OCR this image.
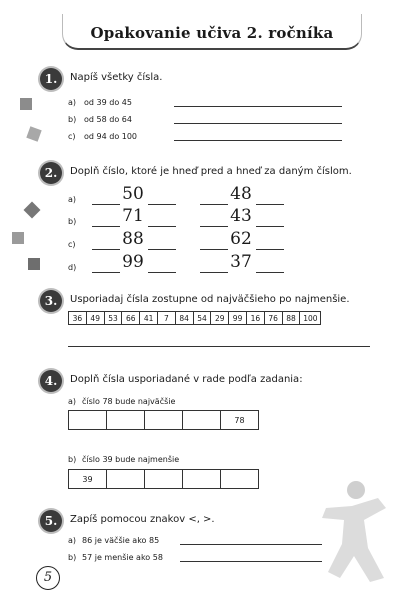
Opakovanie učiva 2. ročníka
1.	Napíš všetky čísla.
a) od 39 do 45
b) od 58 do 64
c) od 94 do 100
2.	Doplň číslo, ktoré je hneď pred a hneď za daným číslom.
a)	50	48
b)	71	43
c)	88	62
d)	99	37
3.	Usporiadaj čísla zostupne od najväčšieho po najmenšie.
36	49	53	66	41	7	84	54	29	99	16	76	88	100
4.	Doplň čísla usporiadané v rade podľa zadania:
a) číslo 78 bude najväčšie
				78
b) číslo 39 bude najmenšie
39				
5.	Zapíš pomocou znakov <, >.
a) 86 je väčšie ako 85
b) 57 je menšie ako 58
5
